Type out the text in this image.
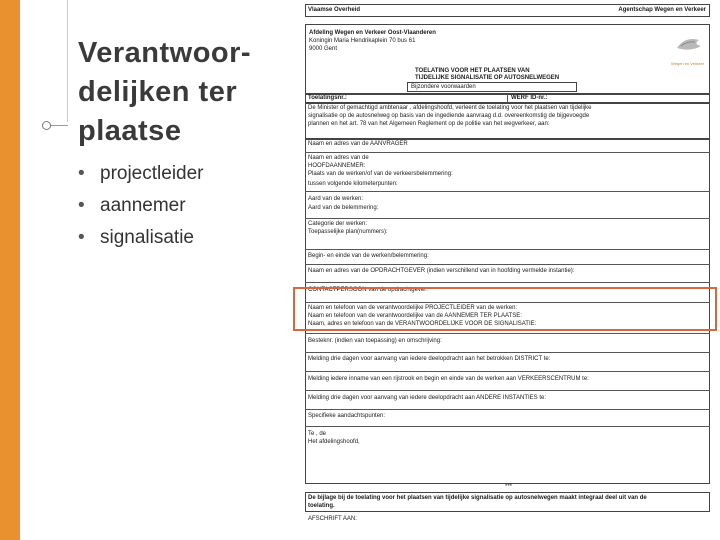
Verantwoor-delijken ter plaatse
• projectleider
• aannemer
• signalisatie
Vlaamse Overheid	Agentschap Wegen en Verkeer
Afdeling Wegen en Verkeer Oost-Vlaanderen
Koningin Maria Hendrikaplein 70 bus 61
9000 Gent
Wegen en Verkeer
TOELATING VOOR HET PLAATSEN VAN
TIJDELIJKE SIGNALISATIE OP AUTOSNELWEGEN
Bijzondere voorwaarden
Toelatingsnr.:	WERF ID-nr.:
De Minister of gemachtigd ambtenaar , afdelingshoofd, verleent de toelating voor het plaatsen van tijdelijke
signalisatie op de autosnelweg op basis van de ingediende aanvraag d.d. overeenkomstig de bijgevoegde
plannen en het art. 78 van het Algemeen Reglement op de politie van het wegverkeer, aan:
Naam en adres van de AANVRAGER
Naam en adres van de
HOOFDAANNEMER:
Plaats van de werken/of van de verkeersbelemmering:
tussen volgende kilometerpunten:
Aard van de werken:
Aard van de belemmering:
Categorie der werken:
Toepasselijke plan(nummers):
Begin- en einde van de werken/belemmering:
Naam en adres van de OPDRACHTGEVER (indien verschillend van in hoofding vermelde instantie):
CONTACTPERSOON van de opdrachtgever:
Naam en telefoon van de verantwoordelijke PROJECTLEIDER van de werken:
Naam en telefoon van de verantwoordelijke van de AANNEMER TER PLAATSE:
Naam, adres en telefoon van de VERANTWOORDELIJKE VOOR DE SIGNALISATIE:
Besteknr. (indien van toepassing) en omschrijving:
Melding drie dagen voor aanvang van iedere deelopdracht aan het betrokken DISTRICT te:
Melding iedere inname van een rijstrook en begin en einde van de werken aan VERKEERSCENTRUM te:
Melding drie dagen voor aanvang van iedere deelopdracht aan ANDERE INSTANTIES te:
Specifieke aandachtspunten:
Te , de
Het afdelingshoofd,
***
De bijlage bij de toelating voor het plaatsen van tijdelijke signalisatie op autosnelwegen maakt integraal deel uit van de
toelating.
AFSCHRIFT AAN:
